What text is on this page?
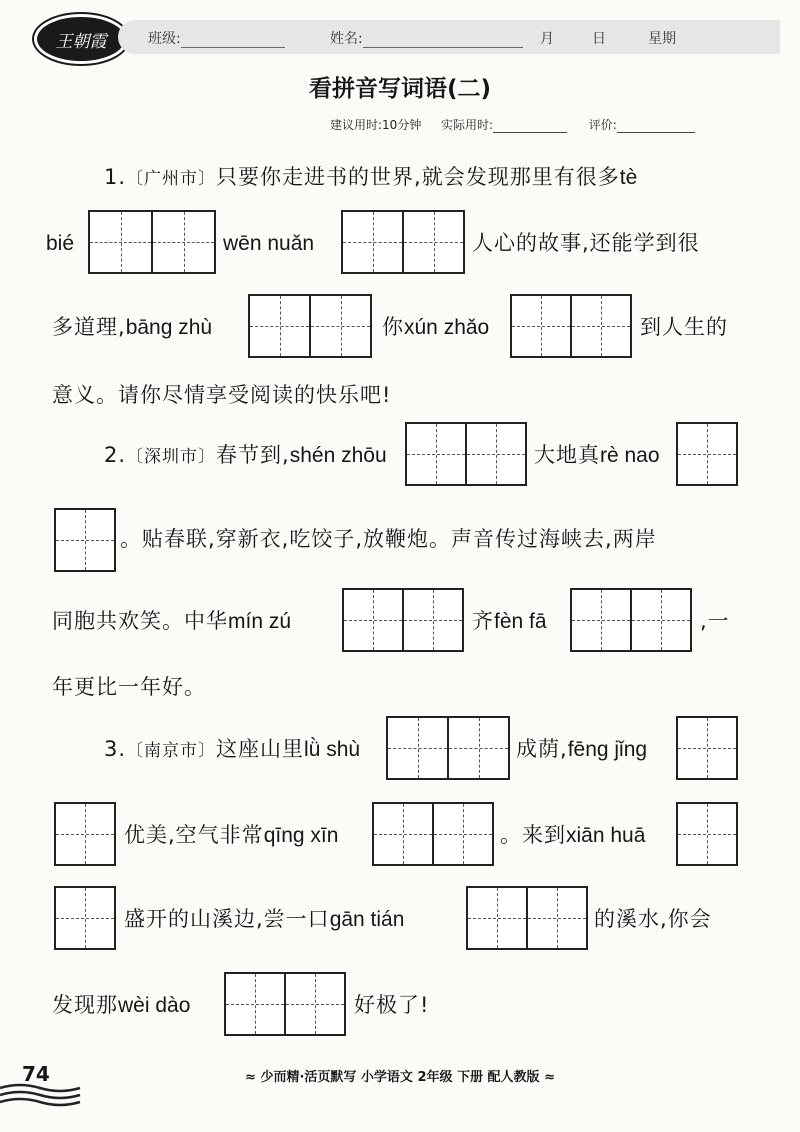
王朝霞	班级:	姓名:	月	日	星期
看拼音写词语(二)
建议用时:10分钟 实际用时:	评价:
1.〔广州市〕只要你走进书的世界,就会发现那里有很多tè
bié	wēn nuǎn	人心的故事,还能学到很
多道理,bāng zhù	你xún zhǎo	到人生的
意义。请你尽情享受阅读的快乐吧!
2.〔深圳市〕春节到,shén zhōu	大地真rè nao
。贴春联,穿新衣,吃饺子,放鞭炮。声音传过海峡去,两岸
同胞共欢笑。中华mín zú	齐fèn fā	,一
年更比一年好。
3.〔南京市〕这座山里lǜ shù	成荫,fēng jǐng
优美,空气非常qīng xīn	。来到xiān huā
盛开的山溪边,尝一口gān tián	的溪水,你会
发现那wèi dào	好极了!
74	≈ 少而精·活页默写 小学语文 2年级 下册 配人教版 ≈
